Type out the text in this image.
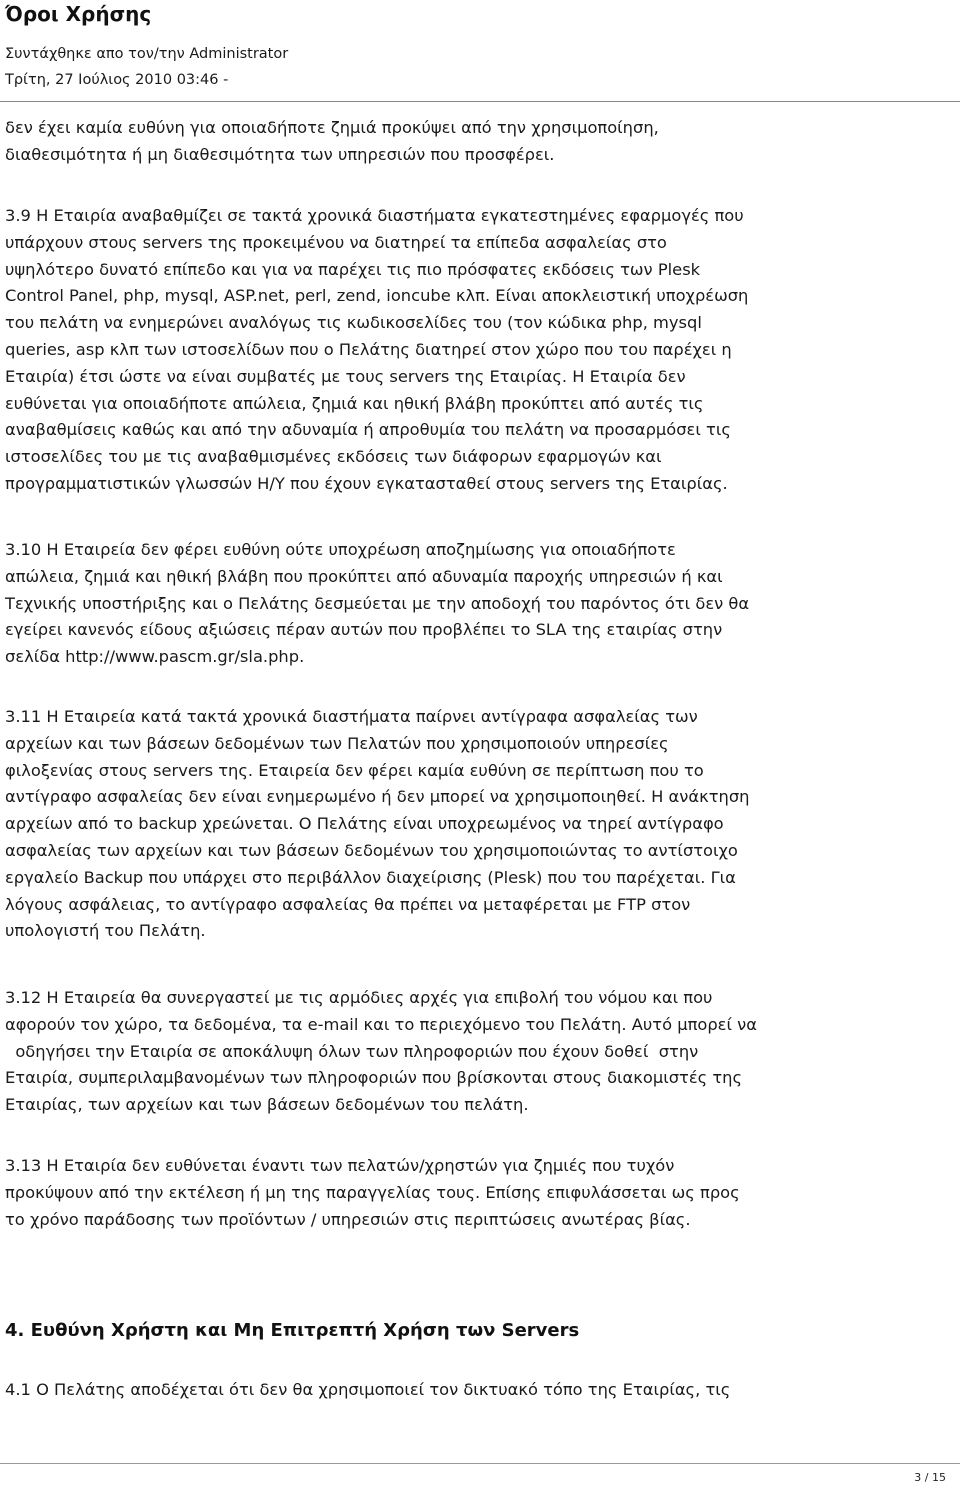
Όροι Χρήσης
Συντάχθηκε απο τον/την Administrator
Τρίτη, 27 Ιούλιος 2010 03:46 -
δεν έχει καμία ευθύνη για οποιαδήποτε ζημιά προκύψει από την χρησιμοποίηση,
διαθεσιμότητα ή μη διαθεσιμότητα των υπηρεσιών που προσφέρει.
3.9 Η Εταιρία αναβαθμίζει σε τακτά χρονικά διαστήματα εγκατεστημένες εφαρμογές που
υπάρχουν στους servers της προκειμένου να διατηρεί τα επίπεδα ασφαλείας στο
υψηλότερο δυνατό επίπεδο και για να παρέχει τις πιο πρόσφατες εκδόσεις των Plesk
Control Panel, php, mysql, ASP.net, perl, zend, ioncube κλπ. Είναι αποκλειστική υποχρέωση
του πελάτη να ενημερώνει αναλόγως τις κωδικοσελίδες του (τον κώδικα php, mysql
queries, asp κλπ των ιστοσελίδων που ο Πελάτης διατηρεί στον χώρο που του παρέχει η
Εταιρία) έτσι ώστε να είναι συμβατές με τους servers της Εταιρίας. Η Εταιρία δεν
ευθύνεται για οποιαδήποτε απώλεια, ζημιά και ηθική βλάβη προκύπτει από αυτές τις
αναβαθμίσεις καθώς και από την αδυναμία ή απροθυμία του πελάτη να προσαρμόσει τις
ιστοσελίδες του με τις αναβαθμισμένες εκδόσεις των διάφορων εφαρμογών και
προγραμματιστικών γλωσσών Η/Υ που έχουν εγκατασταθεί στους servers της Εταιρίας.
3.10 Η Εταιρεία δεν φέρει ευθύνη ούτε υποχρέωση αποζημίωσης για οποιαδήποτε
απώλεια, ζημιά και ηθική βλάβη που προκύπτει από αδυναμία παροχής υπηρεσιών ή και
Τεχνικής υποστήριξης και ο Πελάτης δεσμεύεται με την αποδοχή του παρόντος ότι δεν θα
εγείρει κανενός είδους αξιώσεις πέραν αυτών που προβλέπει το SLA της εταιρίας στην
σελίδα http://www.pascm.gr/sla.php.
3.11 Η Εταιρεία κατά τακτά χρονικά διαστήματα παίρνει αντίγραφα ασφαλείας των
αρχείων και των βάσεων δεδομένων των Πελατών που χρησιμοποιούν υπηρεσίες
φιλοξενίας στους servers της. Εταιρεία δεν φέρει καμία ευθύνη σε περίπτωση που το
αντίγραφο ασφαλείας δεν είναι ενημερωμένο ή δεν μπορεί να χρησιμοποιηθεί. Η ανάκτηση
αρχείων από το backup χρεώνεται. Ο Πελάτης είναι υποχρεωμένος να τηρεί αντίγραφο
ασφαλείας των αρχείων και των βάσεων δεδομένων του χρησιμοποιώντας το αντίστοιχο
εργαλείο Backup που υπάρχει στο περιβάλλον διαχείρισης (Plesk) που του παρέχεται. Για
λόγους ασφάλειας, το αντίγραφο ασφαλείας θα πρέπει να μεταφέρεται με FTP στον
υπολογιστή του Πελάτη.
3.12 Η Εταιρεία θα συνεργαστεί με τις αρμόδιες αρχές για επιβολή του νόμου και που
αφορούν τον χώρο, τα δεδομένα, τα e-mail και το περιεχόμενο του Πελάτη. Αυτό μπορεί να
οδηγήσει την Εταιρία σε αποκάλυψη όλων των πληροφοριών που έχουν δοθεί  στην
Εταιρία, συμπεριλαμβανομένων των πληροφοριών που βρίσκονται στους διακομιστές της
Εταιρίας, των αρχείων και των βάσεων δεδομένων του πελάτη.
3.13 Η Εταιρία δεν ευθύνεται έναντι των πελατών/χρηστών για ζημιές που τυχόν
προκύψουν από την εκτέλεση ή μη της παραγγελίας τους. Επίσης επιφυλάσσεται ως προς
το χρόνο παράδοσης των προϊόντων / υπηρεσιών στις περιπτώσεις ανωτέρας βίας.
4. Ευθύνη Χρήστη και Μη Επιτρεπτή Χρήση των Servers
4.1 Ο Πελάτης αποδέχεται ότι δεν θα χρησιμοποιεί τον δικτυακό τόπο της Εταιρίας, τις
3 / 15
